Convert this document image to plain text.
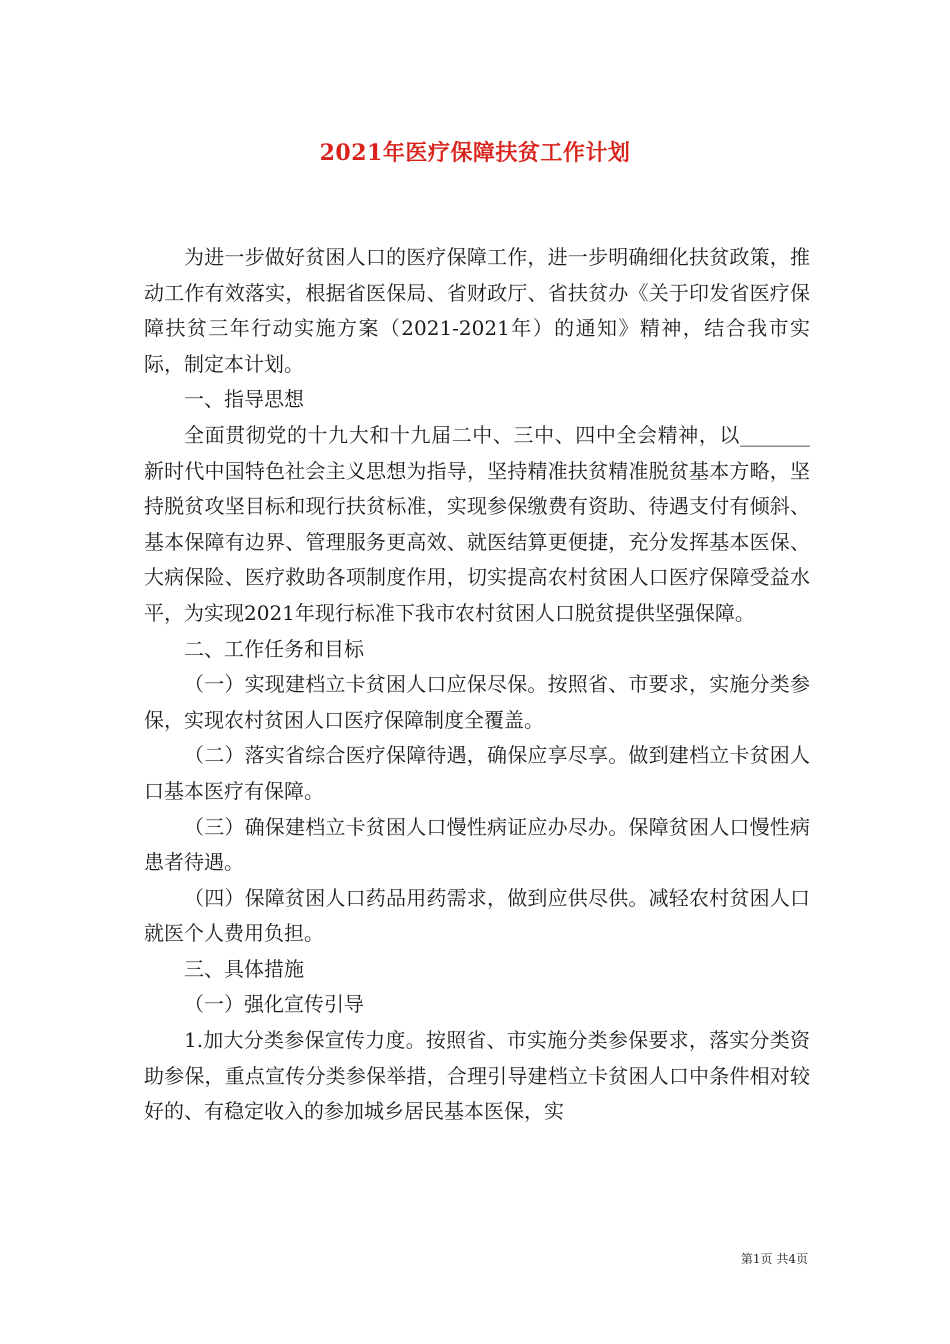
2021年医疗保障扶贫工作计划

为进一步做好贫困人口的医疗保障工作，进一步明确细化扶贫政策，推动工作有效落实，根据省医保局、省财政厅、省扶贫办《关于印发省医疗保障扶贫三年行动实施方案（2021-2021年）的通知》精神，结合我市实际，制定本计划。

一、指导思想

全面贯彻党的十九大和十九届二中、三中、四中全会精神，以_______新时代中国特色社会主义思想为指导，坚持精准扶贫精准脱贫基本方略，坚持脱贫攻坚目标和现行扶贫标准，实现参保缴费有资助、待遇支付有倾斜、基本保障有边界、管理服务更高效、就医结算更便捷，充分发挥基本医保、大病保险、医疗救助各项制度作用，切实提高农村贫困人口医疗保障受益水平，为实现2021年现行标准下我市农村贫困人口脱贫提供坚强保障。

二、工作任务和目标

（一）实现建档立卡贫困人口应保尽保。按照省、市要求，实施分类参保，实现农村贫困人口医疗保障制度全覆盖。

（二）落实省综合医疗保障待遇，确保应享尽享。做到建档立卡贫困人口基本医疗有保障。

（三）确保建档立卡贫困人口慢性病证应办尽办。保障贫困人口慢性病患者待遇。

（四）保障贫困人口药品用药需求，做到应供尽供。减轻农村贫困人口就医个人费用负担。

三、具体措施

（一）强化宣传引导

1.加大分类参保宣传力度。按照省、市实施分类参保要求，落实分类资助参保，重点宣传分类参保举措，合理引导建档立卡贫困人口中条件相对较好的、有稳定收入的参加城乡居民基本医保，实

第1页 共4页
